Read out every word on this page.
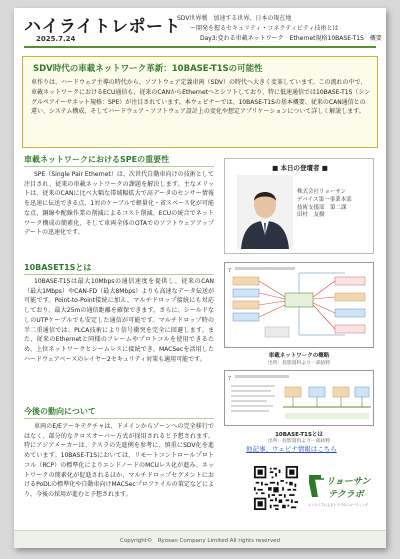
ハイライトレポート
2025.7.24
SDV世界戦　加速する世界、日本の現在地
ー開発を握るセキュリティ・コネクティビティ技術とは
Day3:変わる車載ネットワーク　Ethernet規格10BASE-T1S　概要
SDV時代の車載ネットワーク革新：10BASE-T1Sの可能性
車作りは、ハードウェア主導の時代から、ソフトウェア定義車両（SDV）の時代へ大きく変革しています。この流れの中で、車載ネットワークにおけるECU通信も、従来のCANからEthernetへとシフトしており、特に低速通信では10BASE-T1S（シングルペアイーサネット規格：SPE）が注目されています。本ウェビナーでは、10BASE-T1Sの基本概要、従来のCAN通信との違い、システム構成、そしてハードウェア・ソフトウェア設計上の変化や想定アプリケーションについて詳しく解説します。
車載ネットワークにおけるSPEの重要性
SPE（Single Pair Ethernet）は、次世代自動車向けの技術として注目され、従来の車載ネットワークの課題を解決します。主なメリットは、従来のCANに比べ大幅な帯域幅拡大で高データのセンサー情報を迅速に伝送できる点、1対のケーブルで軽量化・省スペース化が可能な点、銅線や配線作業の削減によるコスト削減、ECUの統合でネットワーク構成の簡素化、そして車両全体のOTAでのソフトウェアアップデートの迅速化です。
10BASET1Sとは
10BASE-T1Sは最大10Mbpsの通信速度を提供し、従来のCAN（最大1Mbps）やCAN-FD（最大8Mbps）よりも高速なデータ伝送が可能です。Point-to-Point接続に加え、マルチドロップ接続にも対応しており、最大25mの通信距離を確保できます。さらに、シールドなしのUTPケーブルでも安定した通信が可能です。マルチドロップ時の半二重通信では、PLCA技術により信号衝突を完全に回避します。また、従来のEthernetと同様のフレームやプロトコルを使用できるため、上位ネットワークとシームレスに接続でき、MACSecを活用したハードウェアベースのレイヤー2セキュリティ対策も適用可能です。
今後の動向について
車両のE/Eアーキテクチャは、ドメインからゾーンへの完全移行ではなく、部分的なクロスオーバー方式が採用されると予想されます。特にアジアメーカーは、テスラの先進例を参考に、慎重にSDV化を進めています。10BASE-T1Sにおいては、リモートコントロールプロトコル（RCP）の標準化によりエンドノードのMCUレス化が進み、ネットワークの簡素化が促進されるほか、マルチドロップセグメントにおけるPoDLの標準化や自動車向けMACSecプロファイルの策定などにより、今後の採用が進むと予想されます。
■ 本日の登壇者 ■
株式会社リョーサン
デバイス第一事業本部
技術支援部　第二課
田村　友樹
7
車載ネットワークの概略
出所：投影資料より一部抜粋
7
10BASE-T1Sとは
出所：投影資料より一部抜粋
他記事、ウェビナ情報はこちら
リョーサン
テクラボ
エンジニアによるトラブルシューティング
Copyright©　Ryosan Company Limited All rights reserved
